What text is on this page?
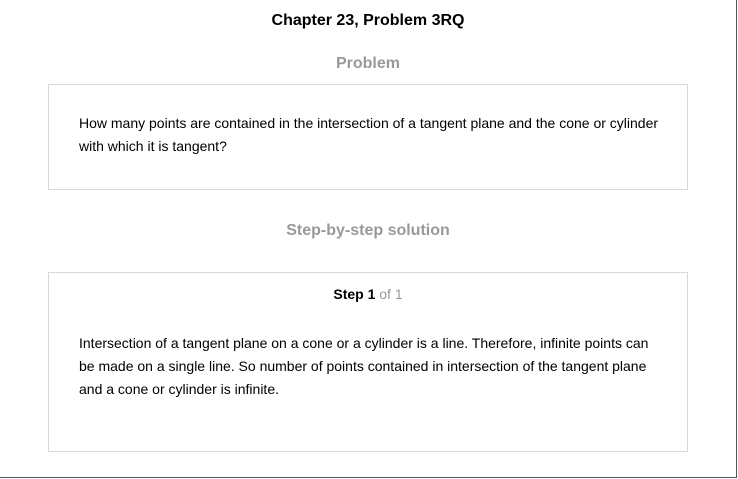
Chapter 23, Problem 3RQ
Problem
How many points are contained in the intersection of a tangent plane and the cone or cylinder with which it is tangent?
Step-by-step solution
Step 1 of 1
Intersection of a tangent plane on a cone or a cylinder is a line. Therefore, infinite points can be made on a single line. So number of points contained in intersection of the tangent plane and a cone or cylinder is infinite.
